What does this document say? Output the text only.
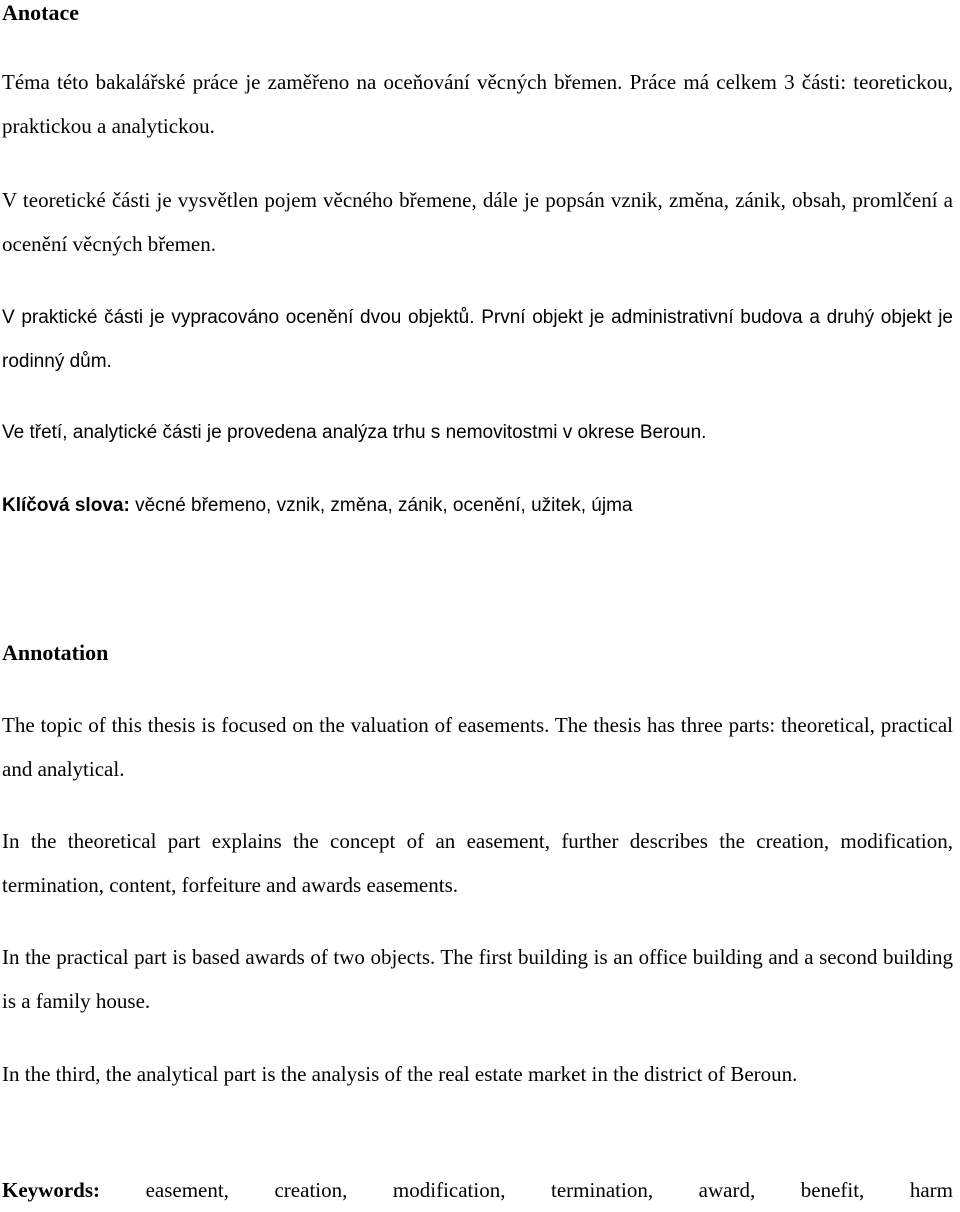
Anotace

Téma této bakalářské práce je zaměřeno na oceňování věcných břemen. Práce má celkem 3 části: teoretickou, praktickou a analytickou.

V teoretické části je vysvětlen pojem věcného břemene, dále je popsán vznik, změna, zánik, obsah, promlčení a ocenění věcných břemen.

V praktické části je vypracováno ocenění dvou objektů. První objekt je administrativní budova a druhý objekt je rodinný dům.

Ve třetí, analytické části je provedena analýza trhu s nemovitostmi v okrese Beroun.

Klíčová slova: věcné břemeno, vznik, změna, zánik, ocenění, užitek, újma

Annotation

The topic of this thesis is focused on the valuation of easements. The thesis has three parts: theoretical, practical and analytical.

In the theoretical part explains the concept of an easement, further describes the creation, modification, termination, content, forfeiture and awards easements.

In the practical part is based awards of two objects. The first building is an office building and a second building is a family house.

In the third, the analytical part is the analysis of the real estate market in the district of Beroun.

Keywords: easement, creation, modification, termination, award, benefit, harm
